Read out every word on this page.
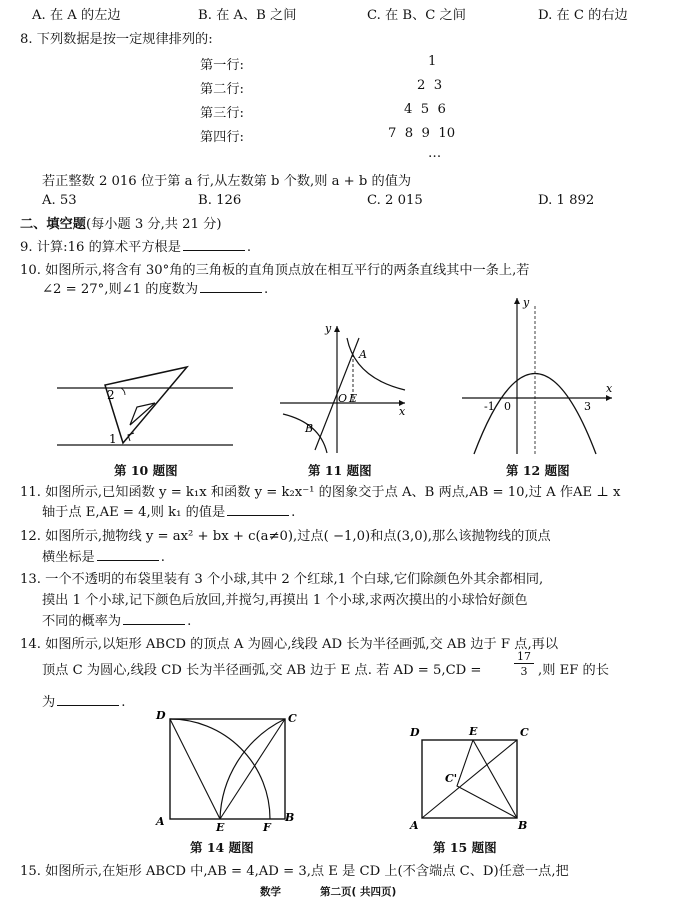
A. 在 A 的左边	B. 在 A、B 之间	C. 在 B、C 之间	D. 在 C 的右边
8. 下列数据是按一定规律排列的:
第一行:	1
第二行:	2  3
第三行:	4  5  6
第四行:	7  8  9  10
…
若正整数 2 016 位于第 a 行,从左数第 b 个数,则 a + b 的值为
A. 53	B. 126	C. 2 015	D. 1 892
二、填空题(每小题 3 分,共 21 分)
9. 计算:16 的算术平方根是	.
10. 如图所示,将含有 30°角的三角板的直角顶点放在相互平行的两条直线其中一条上,若
∠2 = 27°,则∠1 的度数为	.
2
1
第 10 题图
y
x
A
B
O E
第 11 题图
y
x
-1 0	3
第 12 题图
11. 如图所示,已知函数 y = k₁x 和函数 y = k₂x⁻¹ 的图象交于点 A、B 两点,AB = 10,过 A 作AE ⊥ x
轴于点 E,AE = 4,则 k₁ 的值是	.
12. 如图所示,抛物线 y = ax² + bx + c(a≠0),过点( −1,0)和点(3,0),那么该抛物线的顶点
横坐标是	.
13. 一个不透明的布袋里装有 3 个小球,其中 2 个红球,1 个白球,它们除颜色外其余都相同,
摸出 1 个小球,记下颜色后放回,并搅匀,再摸出 1 个小球,求两次摸出的小球恰好颜色
不同的概率为	.
14. 如图所示,以矩形 ABCD 的顶点 A 为圆心,线段 AD 长为半径画弧,交 AB 边于 F 点,再以
顶点 C 为圆心,线段 CD 长为半径画弧,交 AB 边于 E 点. 若 AD = 5,CD =
17
3 ,则 EF 的长
为	.
D	C
A	E	F
B
第 14 题图
D	E	C
C'
A	B
第 15 题图
15. 如图所示,在矩形 ABCD 中,AB = 4,AD = 3,点 E 是 CD 上(不含端点 C、D)任意一点,把
数学	第二页( 共四页)
